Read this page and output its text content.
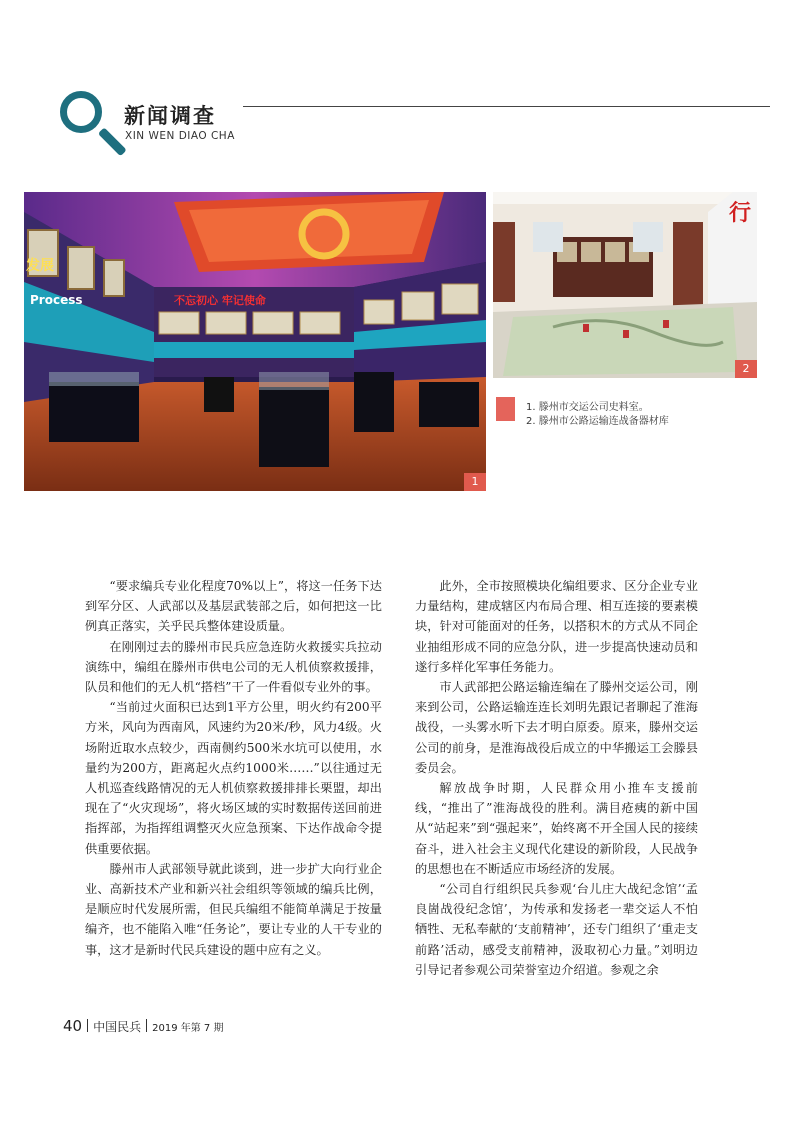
新闻调查
XIN WEN DIAO CHA
发展
Process	不忘初心 牢记使命
1
行
2
1. 滕州市交运公司史料室。
2. 滕州市公路运输连战备器材库

“要求编兵专业化程度70%以上”，将这一任务下达到军分区、人武部以及基层武装部之后，如何把这一比例真正落实，关乎民兵整体建设质量。

在刚刚过去的滕州市民兵应急连防火救援实兵拉动演练中，编组在滕州市供电公司的无人机侦察救援排，队员和他们的无人机“搭档”干了一件看似专业外的事。

“当前过火面积已达到1平方公里，明火约有200平方米，风向为西南风，风速约为20米/秒，风力4级。火场附近取水点较少，西南侧约500米水坑可以使用，水量约为200方，距离起火点约1000米……”以往通过无人机巡查线路情况的无人机侦察救援排排长栗盟，却出现在了“火灾现场”，将火场区域的实时数据传送回前进指挥部，为指挥组调整灭火应急预案、下达作战命令提供重要依据。

滕州市人武部领导就此谈到，进一步扩大向行业企业、高新技术产业和新兴社会组织等领域的编兵比例，是顺应时代发展所需，但民兵编组不能简单满足于按量编齐，也不能陷入唯“任务论”，要让专业的人干专业的事，这才是新时代民兵建设的题中应有之义。

此外，全市按照模块化编组要求、区分企业专业力量结构，建成辖区内布局合理、相互连接的要素模块，针对可能面对的任务，以搭积木的方式从不同企业抽组形成不同的应急分队，进一步提高快速动员和遂行多样化军事任务能力。

市人武部把公路运输连编在了滕州交运公司，刚来到公司，公路运输连连长刘明先跟记者聊起了淮海战役，一头雾水听下去才明白原委。原来，滕州交运公司的前身，是淮海战役后成立的中华搬运工会滕县委员会。

解放战争时期，人民群众用小推车支援前线，“推出了”淮海战役的胜利。满目疮痍的新中国从“站起来”到“强起来”，始终离不开全国人民的接续奋斗，进入社会主义现代化建设的新阶段，人民战争的思想也在不断适应市场经济的发展。

“公司自行组织民兵参观‘台儿庄大战纪念馆’‘孟良崮战役纪念馆’，为传承和发扬老一辈交运人不怕牺牲、无私奉献的‘支前精神’，还专门组织了‘重走支前路’活动，感受支前精神，汲取初心力量。”刘明边引导记者参观公司荣誉室边介绍道。参观之余

40 中国民兵 2019 年第 7 期
